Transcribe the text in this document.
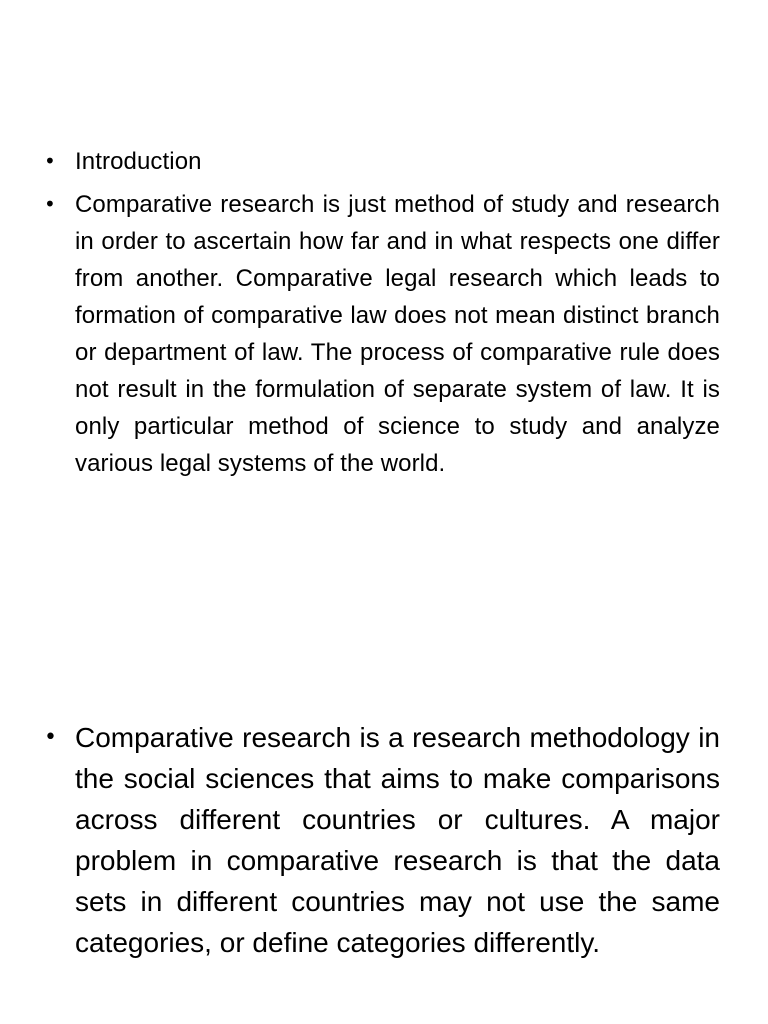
• Introduction
• Comparative research is just method of study and research in order to ascertain how far and in what respects one differ from another. Comparative legal research which leads to formation of comparative law does not mean distinct branch or department of law. The process of comparative rule does not result in the formulation of separate system of law. It is only particular method of science to study and analyze various legal systems of the world.
• Comparative research is a research methodology in the social sciences that aims to make comparisons across different countries or cultures. A major problem in comparative research is that the data sets in different countries may not use the same categories, or define categories differently.
